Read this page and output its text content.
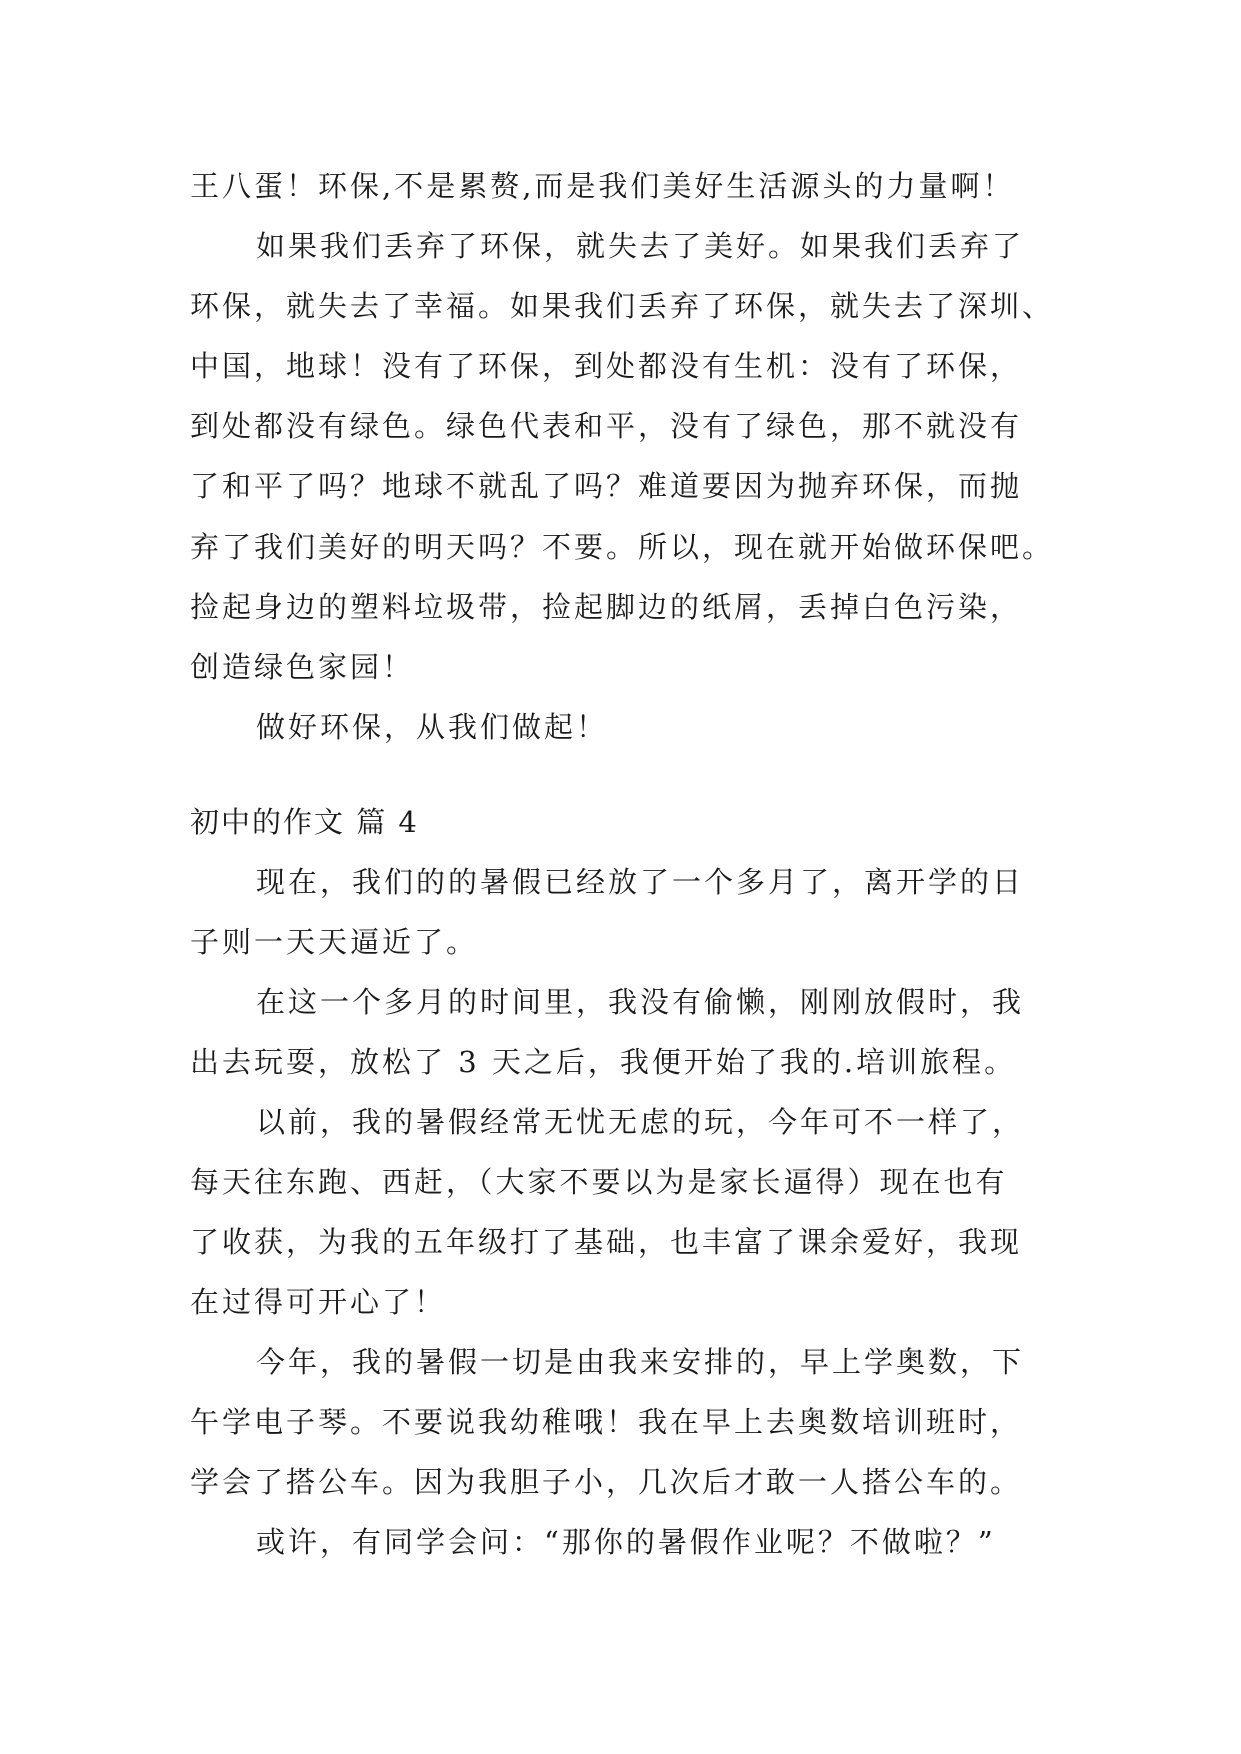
王八蛋！环保,不是累赘,而是我们美好生活源头的力量啊！
如果我们丢弃了环保，就失去了美好。如果我们丢弃了
环保，就失去了幸福。如果我们丢弃了环保，就失去了深圳、
中国，地球！没有了环保，到处都没有生机：没有了环保，
到处都没有绿色。绿色代表和平，没有了绿色，那不就没有
了和平了吗？地球不就乱了吗？难道要因为抛弃环保，而抛
弃了我们美好的明天吗？不要。所以，现在就开始做环保吧。
捡起身边的塑料垃圾带，捡起脚边的纸屑，丢掉白色污染，
创造绿色家园！
做好环保，从我们做起！
初中的作文 篇 4
现在，我们的的暑假已经放了一个多月了，离开学的日
子则一天天逼近了。
在这一个多月的时间里，我没有偷懒，刚刚放假时，我
出去玩耍，放松了 3 天之后，我便开始了我的.培训旅程。
以前，我的暑假经常无忧无虑的玩，今年可不一样了，
每天往东跑、西赶，（大家不要以为是家长逼得）现在也有
了收获，为我的五年级打了基础，也丰富了课余爱好，我现
在过得可开心了！
今年，我的暑假一切是由我来安排的，早上学奥数，下
午学电子琴。不要说我幼稚哦！我在早上去奥数培训班时，
学会了搭公车。因为我胆子小，几次后才敢一人搭公车的。
或许，有同学会问：“那你的暑假作业呢？不做啦？”
